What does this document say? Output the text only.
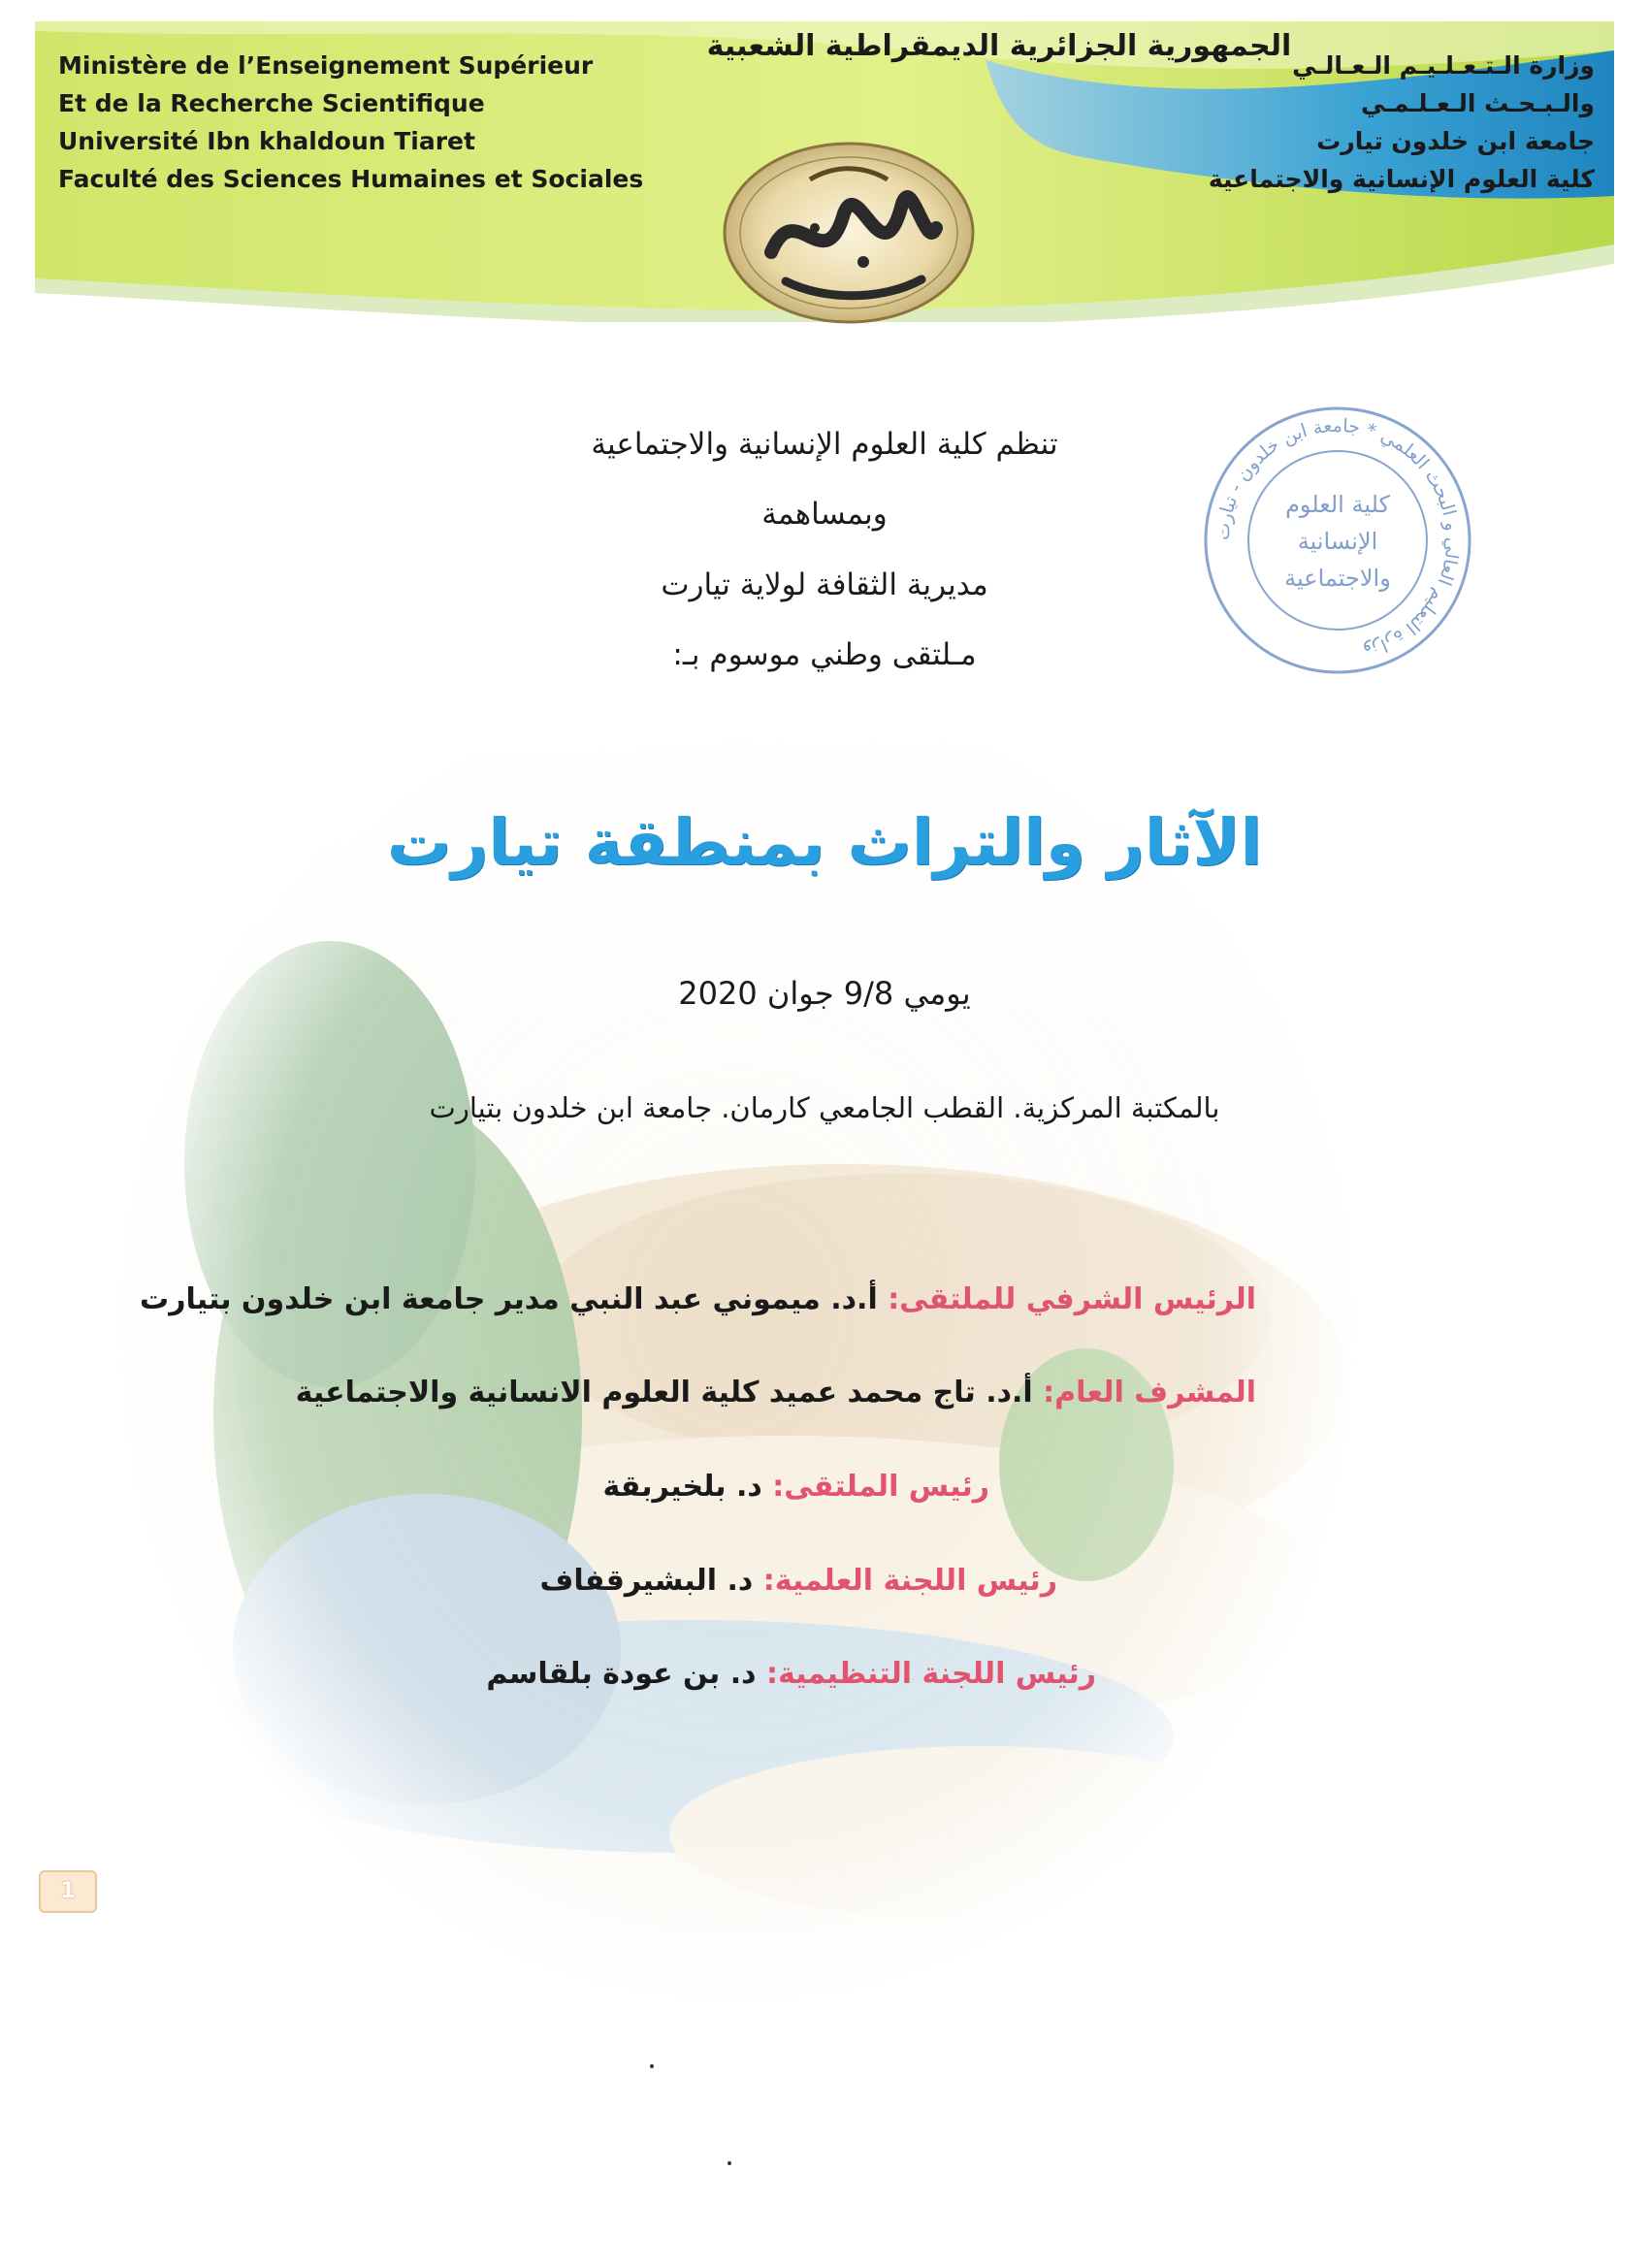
الجمهورية الجزائرية الديمقراطية الشعبية
Ministère de l’Enseignement Supérieur
Et de la Recherche Scientifique
Université Ibn khaldoun Tiaret
Faculté des Sciences Humaines et Sociales
وزارة الـتـعـلـيـم الـعـالـي
والـبـحـث الـعـلـمـي
جامعة ابن خلدون تيارت
كلية العلوم الإنسانية والاجتماعية
وزارة التعليم العالي و البحث العلمي * جامعة ابن خلدون - تيارت
كلية العلوم
الإنسانية
والاجتماعية
تنظم كلية العلوم الإنسانية والاجتماعية
وبمساهمة
مديرية الثقافة لولاية تيارت
مـلتقى وطني موسوم بـ:
الآثار والتراث بمنطقة تيارت
يومي 9/8 جوان 2020
بالمكتبة المركزية. القطب الجامعي كارمان. جامعة ابن خلدون بتيارت
الرئيس الشرفي للملتقى: أ.د. ميموني عبد النبي مدير جامعة ابن خلدون بتيارت
المشرف العام: أ.د. تاج محمد عميد كلية العلوم الانسانية والاجتماعية
رئيس الملتقى: د. بلخيربقة
رئيس اللجنة العلمية: د. البشيرقفاف
رئيس اللجنة التنظيمية: د. بن عودة بلقاسم
1
